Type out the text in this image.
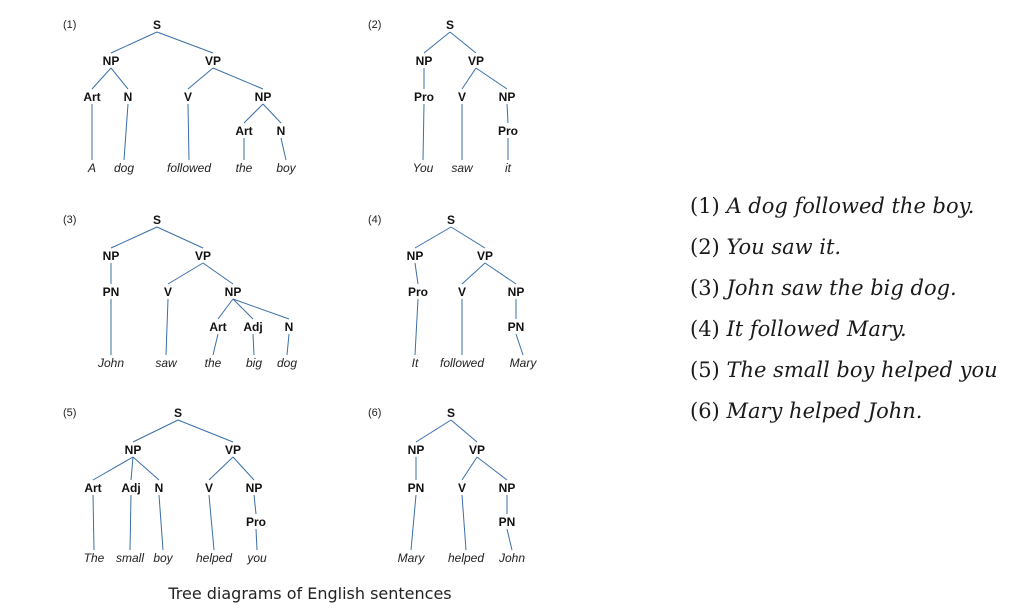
(1)	S
NP	VP
Art N	V	NP
Art N
A dog	followed the boy
(2)	S
NP	VP
Pro V	NP
Pro
You saw	it
(3)	S
NP	VP
PN	V	NP
Art Adj N
John	saw the big dog
(4)	S
NP	VP
Pro V	NP
PN
It followed Mary
(5)	S
NP	VP
Art Adj N	V	NP
Pro
The small boy helped you
(6)	S
NP	VP
PN	V	NP
PN
Mary helped John

(1) A dog followed the boy.

(2) You saw it.

(3) John saw the big dog.

(4) It followed Mary.

(5) The small boy helped you

(6) Mary helped John.

Tree diagrams of English sentences
